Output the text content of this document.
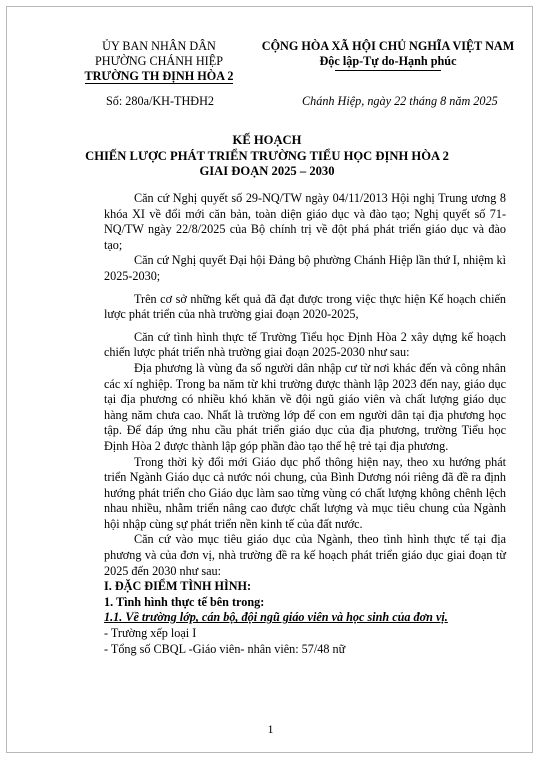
ỦY BAN NHÂN DÂN
PHƯỜNG CHÁNH HIỆP
TRƯỜNG TH ĐỊNH HÒA 2
CỘNG HÒA XÃ HỘI CHỦ NGHĨA VIỆT NAM
Độc lập-Tự do-Hạnh phúc
Số: 280a/KH-THĐH2	Chánh Hiệp, ngày 22 tháng 8 năm 2025
KẾ HOẠCH
CHIẾN LƯỢC PHÁT TRIỂN TRƯỜNG TIỂU HỌC ĐỊNH HÒA 2
GIAI ĐOẠN 2025 – 2030

Căn cứ Nghị quyết số 29-NQ/TW ngày 04/11/2013 Hội nghị Trung ương 8 khóa XI về đổi mới căn bản, toàn diện giáo dục và đào tạo; Nghị quyết số 71-NQ/TW ngày 22/8/2025 của Bộ chính trị về đột phá phát triển giáo dục và đào tạo;

Căn cứ Nghị quyết Đại hội Đảng bộ phường Chánh Hiệp lần thứ I, nhiệm kì 2025-2030;

Trên cơ sở những kết quả đã đạt được trong việc thực hiện Kế hoạch chiến lược phát triển của nhà trường giai đoạn 2020-2025,

Căn cứ tình hình thực tế Trường Tiểu học Định Hòa 2 xây dựng kế hoạch chiến lược phát triển nhà trường giai đoạn 2025-2030 như sau:

Địa phương là vùng đa số người dân nhập cư từ nơi khác đến và công nhân các xí nghiệp. Trong ba năm từ khi trường được thành lập 2023 đến nay, giáo dục tại địa phương có nhiều khó khăn về đội ngũ giáo viên và chất lượng giáo dục hàng năm chưa cao. Nhất là trường lớp để con em người dân tại địa phương học tập. Để đáp ứng nhu cầu phát triển giáo dục của địa phương, trường Tiểu học Định Hòa 2 được thành lập góp phần đào tạo thế hệ trẻ tại địa phương.

Trong thời kỳ đổi mới Giáo dục phổ thông hiện nay, theo xu hướng phát triển Ngành Giáo dục cả nước nói chung, của Bình Dương nói riêng đã đề ra định hướng phát triển cho Giáo dục làm sao từng vùng có chất lượng không chênh lệch nhau nhiều, nhằm triển nâng cao được chất lượng và mục tiêu chung của Ngành hội nhập cùng sự phát triển nền kinh tế của đất nước.

Căn cứ vào mục tiêu giáo dục của Ngành, theo tình hình thực tế tại địa phương và của đơn vị, nhà trường đề ra kế hoạch phát triển giáo dục giai đoạn từ 2025 đến 2030 như sau:

I. ĐẶC ĐIỂM TÌNH HÌNH:

1. Tình hình thực tế bên trong:

1.1. Về trường lớp, cán bộ, đội ngũ giáo viên và học sinh của đơn vị.

- Trường xếp loại I

- Tổng số CBQL -Giáo viên- nhân viên: 57/48 nữ

1
